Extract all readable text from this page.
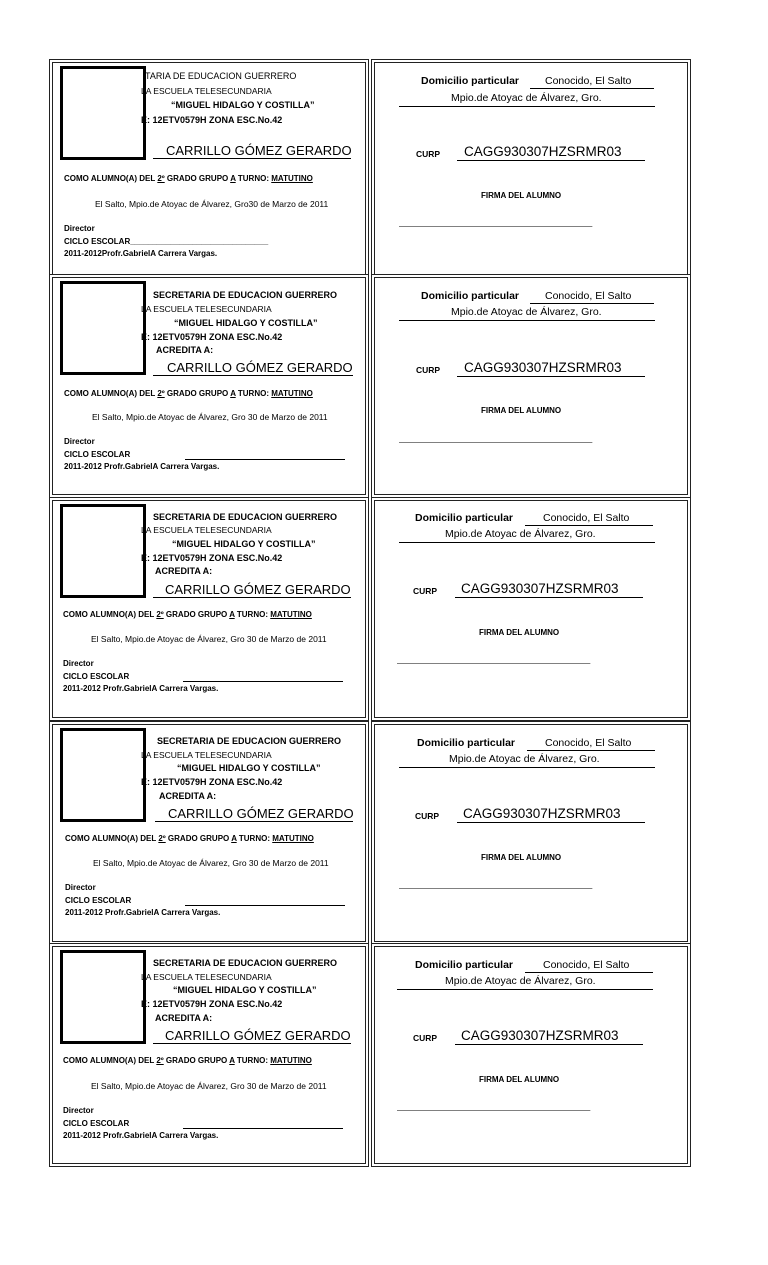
TARIA DE EDUCACION GUERRERO
LA ESCUELA TELESECUNDARIA
“MIGUEL HIDALGO Y COSTILLA”
E: 12ETV0579H ZONA ESC.No.42
CARRILLO GÓMEZ GERARDO
COMO ALUMNO(A) DEL 2º GRADO GRUPO A TURNO: MATUTINO
El Salto, Mpio.de Atoyac de Álvarez, Gro30 de Marzo de 2011
Director
CICLO ESCOLAR_______________________________
2011-2012Profr.GabrielA Carrera Vargas.
Domicilio particular Conocido, El Salto
Mpio.de Atoyac de Álvarez, Gro.
CURP CAGG930307HZSRMR03
FIRMA DEL ALUMNO
________________________________________________
SECRETARIA DE EDUCACION GUERRERO
LA ESCUELA TELESECUNDARIA
“MIGUEL HIDALGO Y COSTILLA”
E: 12ETV0579H ZONA ESC.No.42
ACREDITA A:
CARRILLO GÓMEZ GERARDO
COMO ALUMNO(A) DEL 2º GRADO GRUPO A TURNO: MATUTINO
El Salto, Mpio.de Atoyac de Álvarez, Gro 30 de Marzo de 2011
Director
CICLO ESCOLAR
2011-2012 Profr.GabrielA Carrera Vargas.
Domicilio particular Conocido, El Salto
Mpio.de Atoyac de Álvarez, Gro.
CURP CAGG930307HZSRMR03
FIRMA DEL ALUMNO
________________________________________________
SECRETARIA DE EDUCACION GUERRERO
LA ESCUELA TELESECUNDARIA
“MIGUEL HIDALGO Y COSTILLA”
E: 12ETV0579H ZONA ESC.No.42
ACREDITA A:
CARRILLO GÓMEZ GERARDO
COMO ALUMNO(A) DEL 2º GRADO GRUPO A TURNO: MATUTINO
El Salto, Mpio.de Atoyac de Álvarez, Gro 30 de Marzo de 2011
Director
CICLO ESCOLAR
2011-2012 Profr.GabrielA Carrera Vargas.
Domicilio particular	Conocido, El Salto
Mpio.de Atoyac de Álvarez, Gro.
CURP CAGG930307HZSRMR03
FIRMA DEL ALUMNO
________________________________________________
SECRETARIA DE EDUCACION GUERRERO
LA ESCUELA TELESECUNDARIA
“MIGUEL HIDALGO Y COSTILLA”
E: 12ETV0579H ZONA ESC.No.42
ACREDITA A:
CARRILLO GÓMEZ GERARDO
COMO ALUMNO(A) DEL 2º GRADO GRUPO A TURNO: MATUTINO
El Salto, Mpio.de Atoyac de Álvarez, Gro 30 de Marzo de 2011
Director
CICLO ESCOLAR
2011-2012 Profr.GabrielA Carrera Vargas.
Domicilio particular	Conocido, El Salto
Mpio.de Atoyac de Álvarez, Gro.
CURP CAGG930307HZSRMR03
FIRMA DEL ALUMNO
________________________________________________
SECRETARIA DE EDUCACION GUERRERO
LA ESCUELA TELESECUNDARIA
“MIGUEL HIDALGO Y COSTILLA”
E: 12ETV0579H ZONA ESC.No.42
ACREDITA A:
CARRILLO GÓMEZ GERARDO
COMO ALUMNO(A) DEL 2º GRADO GRUPO A TURNO: MATUTINO
El Salto, Mpio.de Atoyac de Álvarez, Gro 30 de Marzo de 2011
Director
CICLO ESCOLAR
2011-2012 Profr.GabrielA Carrera Vargas.
Domicilio particular	Conocido, El Salto
Mpio.de Atoyac de Álvarez, Gro.
CURP CAGG930307HZSRMR03
FIRMA DEL ALUMNO
________________________________________________
